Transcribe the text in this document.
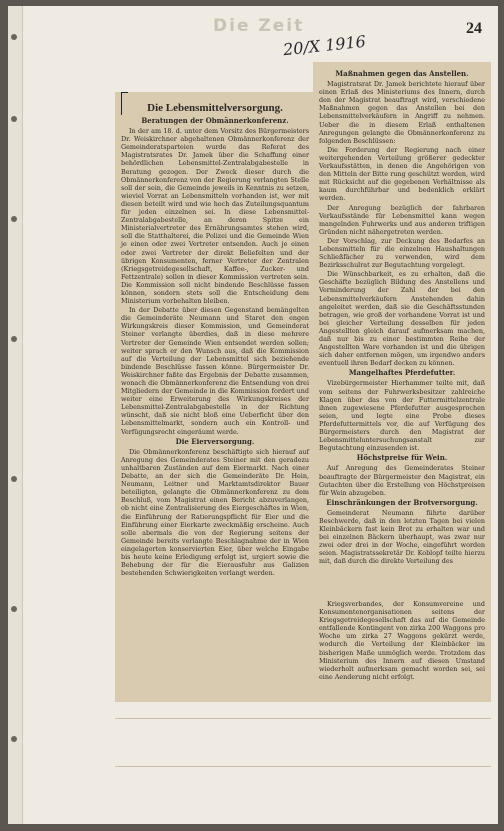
Die Zeit	24
20/X 1916
Die Lebensmittelversorgung.
Beratungen der Obmännerkonferenz.

In der am 18. d. unter dem Vorsitz des Bürgermeisters Dr. Weiskirchner abgehaltenen Obmännerkonferenz der Gemeinderatsparteien wurde das Referat des Magistratsrates Dr. Jamek über die Schaffung einer behördlichen Lebensmittel-Zentralabgabestelle in Beratung gezogen. Der Zweck dieser durch die Obmännerkonferenz von der Regierung verlangten Stelle soll der sein, die Gemeinde jeweils in Kenntnis zu setzen, wieviel Vorrat an Lebensmitteln vorhanden ist, wer mit diesen beteilt wird und wie hoch das Zuteilungsquantum für jeden einzelnen sei. In diese Lebensmittel-Zentralabgabestelle, an deren Spitze ein Ministerialvertreter des Ernährungsamtes stehen wird, soll die Statthalterei, die Polizei und die Gemeinde Wien je einen oder zwei Vertreter entsenden. Auch je einen oder zwei Vertreter der direkt Beliefelten und der übrigen Konsumenten, ferner Vertreter der Zentralen (Kriegsgetreidegesellschaft, Kaffee-, Zucker- und Fettzentrale) sollen in dieser Kommission vertreten sein. Die Kommission soll nicht bindende Beschlüsse fassen können, sondern stets soll die Entscheidung dem Ministerium vorbehalten bleiben.

In der Debatte über diesen Gegenstand bemängelten die Gemeinderäte Neumann und Staret den engen Wirkungskreis dieser Kommission, und Gemeinderat Steiner verlangte überdies, daß in diese mehrere Vertreter der Gemeinde Wien entsendet werden sollen; weiter sprach er den Wunsch aus, daß die Kommission auf die Verteilung der Lebensmittel sich beziehende bindende Beschlüsse fassen könne. Bürgermeister Dr. Weiskirchner faßte das Ergebnis der Debatte zusammen, wonach die Obmännerkonferenz die Entsendung von drei Mitgliedern der Gemeinde in die Kommission fordert und weiter eine Erweiterung des Wirkungskreises der Lebensmittel-Zentralabgabestelle in der Richtung wünscht, daß sie nicht bloß eine Ueberficht über den Lebensmittelmarkt, sondern auch ein Kontroll- und Verfügungsrecht eingeräumt werde.

Die Eierversorgung.

Die Obmännerkonferenz beschäftigte sich hierauf auf Anregung des Gemeinderates Steiner mit den geradezu unhaltbaren Zuständen auf dem Eiermarkt. Nach einer Debatte, an der sich die Gemeinderäte Dr. Hein, Neumann, Leitner und Marktamtsdirektor Bauer beteiligten, gelangte die Obmännerkonferenz zu dem Beschluß, vom Magistrat einen Bericht abzuverlangen, ob nicht eine Zentralisierung des Eiergeschäftes in Wien, die Einführung der Ratierungspflicht für Eier und die Einführung einer Eierkarte zweckmäßig erscheine. Auch solle abermals die von der Regierung seitens der Gemeinde bereits verlangte Beschlagnahme der in Wien eingelagerten konservierten Eier, über welche Eingabe bis heute keine Erledigung erfolgt ist, urgiert sowie die Behebung der für die Eierausfuhr aus Galizien bestehenden Schwierigkeiten verlangt werden.

Maßnahmen gegen das Anstellen.

Magistratsrat Dr. Jamek berichtete hierauf über einen Erlaß des Ministeriums des Innern, durch den der Magistrat beauftragt wird, verschiedene Maßnahmen gegen das Anstellen bei den Lebensmittelverkäufern in Angriff zu nehmen. Ueber die in diesem Erlaß enthaltenen Anregungen gelangte die Obmännerkonferenz zu folgenden Beschlüssen:

Die Forderung der Regierung nach einer weitergehenden Verteilung größerer gedeckter Verkaufsstätten, in denen die Angehörigen von den Mitteln der Bitte rung geschützt werden, wird mit Rücksicht auf die gegebenen Verhältnisse als kaum durchführbar und bedenklich erklärt werden.

Der Anregung bezüglich der fahrbaren Verkaufsstände für Lebensmittel kann wegen mangelnden Fuhrwerks und aus anderen triftigen Gründen nicht nähergetreten werden.

Der Vorschlag, zur Deckung des Bedarfes an Lebensmitteln für die einzelnen Haushaltungen Schließfächer zu verwenden, wird dem Bezirksschulrat zur Begutachtung vorgelegt.

Die Wünschbarkeit, es zu erhalten, daß die Geschäfte bezüglich Bildung des Anstellens und Verminderung der Zahl der bei den Lebensmittelverkäufern Anstehenden dahin angeleitet werden, daß sie die Geschäftsstunden betragen, wie groß der vorhandene Vorrat ist und bei gleicher Verteilung desselben für jeden Angestellten gleich darauf aufmerksam machen, daß nur bis zu einer bestimmten Reihe der Angestellten Ware vorhanden ist und die übrigen sich daher entfernen mögen, um irgendwo anders eventuell ihren Bedarf decken zu können.

Mangelhaftes Pferdefutter.

Vizebürgermeister Hierhammer teilte mit, daß vom seitens der Fuhrwerksbesitzer zahlreiche Klagen über das von der Futtermittelzentrale ihnen zugewiesene Pferdefutter ausgesprochen seien, und legte eine Probe dieses Pferdefuttermittels vor, die auf Verfügung des Bürgermeisters durch den Magistrat der Lebensmitteluntersuchungsanstalt zur Begutachtung einzusenden ist.

Höchstpreise für Wein.

Auf Anregung des Gemeinderates Steiner beauftragte der Bürgermeister den Magistrat, ein Gutachten über die Erstellung von Höchstpreisen für Wein abzugeben.

Einschränkungen der Brotversorgung.

Gemeinderat Neumann führte darüber Beschwerde, daß in den letzten Tagen bei vielen Kleinbäckern fast kein Brot zu erhalten war und bei einzelnen Bäckern überhaupt, was zwar nur zwei oder drei in der Woche, eingeführt worden seien. Magistratssekretär Dr. Koblopf teilte hierzu mit, daß durch die direkte Verteilung des

Kriegsverbandes, der Konsumvereine und Konsumentenorganisationen seitens der Kriegsgetreidegesellschaft das auf die Gemeinde entfallende Kontingent von zirka 200 Waggons pro Woche um zirka 27 Waggons gekürzt werde, wodurch die Verteilung der Kleinbäcker im bisherigen Maße unmöglich werde. Trotzdem das Ministerium des Innern auf diesen Umstand wiederholt aufmerksam gemacht worden sei, sei eine Aenderung nicht erfolgt.
